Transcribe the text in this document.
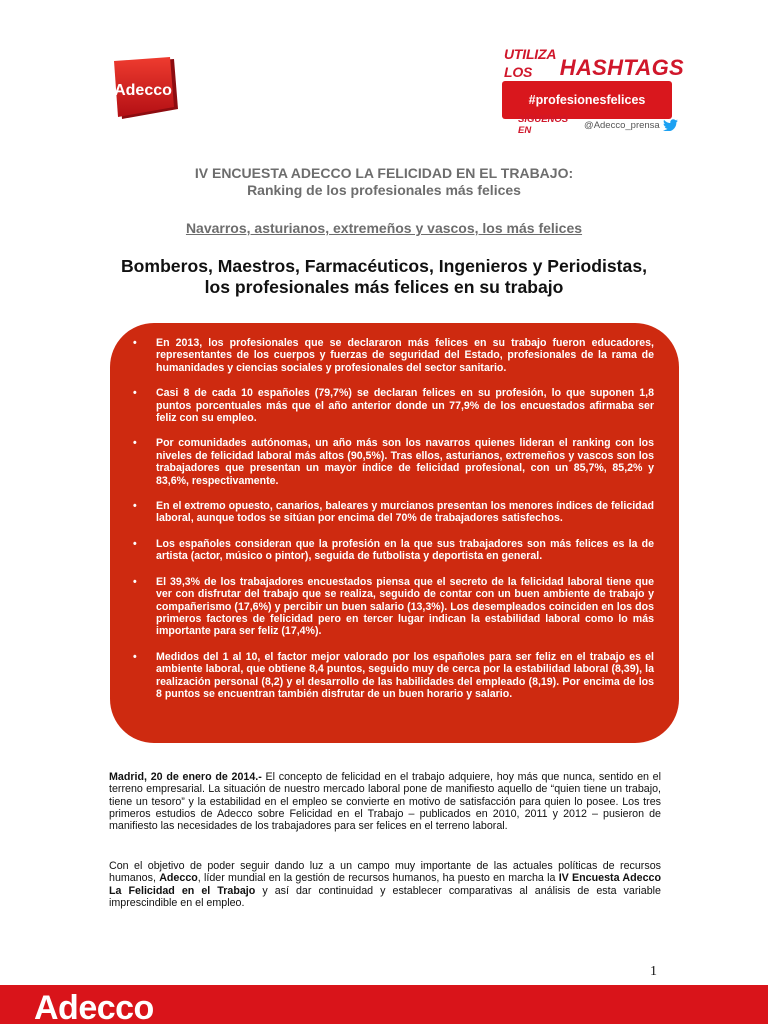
Adecco
UTILIZA LOS	HASHTAGS
#profesionesfelices
SÍGUENOS EN	@Adecco_prensa
IV ENCUESTA ADECCO LA FELICIDAD EN EL TRABAJO:
Ranking de los profesionales más felices
Navarros, asturianos, extremeños y vascos, los más felices
Bomberos, Maestros, Farmacéuticos, Ingenieros y Periodistas,
los profesionales más felices en su trabajo
• En 2013, los profesionales que se declararon más felices en su trabajo fueron educadores, representantes de los cuerpos y fuerzas de seguridad del Estado, profesionales de la rama de humanidades y ciencias sociales y profesionales del sector sanitario.
• Casi 8 de cada 10 españoles (79,7%) se declaran felices en su profesión, lo que suponen 1,8 puntos porcentuales más que el año anterior donde un 77,9% de los encuestados afirmaba ser feliz con su empleo.
• Por comunidades autónomas, un año más son los navarros quienes lideran el ranking con los niveles de felicidad laboral más altos (90,5%). Tras ellos, asturianos, extremeños y vascos son los trabajadores que presentan un mayor índice de felicidad profesional, con un 85,7%, 85,2% y 83,6%, respectivamente.
• En el extremo opuesto, canarios, baleares y murcianos presentan los menores índices de felicidad laboral, aunque todos se sitúan por encima del 70% de trabajadores satisfechos.
• Los españoles consideran que la profesión en la que sus trabajadores son más felices es la de artista (actor, músico o pintor), seguida de futbolista y deportista en general.
• El 39,3% de los trabajadores encuestados piensa que el secreto de la felicidad laboral tiene que ver con disfrutar del trabajo que se realiza, seguido de contar con un buen ambiente de trabajo y compañerismo (17,6%) y percibir un buen salario (13,3%). Los desempleados coinciden en los dos primeros factores de felicidad pero en tercer lugar indican la estabilidad laboral como lo más importante para ser feliz (17,4%).
• Medidos del 1 al 10, el factor mejor valorado por los españoles para ser feliz en el trabajo es el ambiente laboral, que obtiene 8,4 puntos, seguido muy de cerca por la estabilidad laboral (8,39), la realización personal (8,2) y el desarrollo de las habilidades del empleado (8,19). Por encima de los 8 puntos se encuentran también disfrutar de un buen horario y salario.
Madrid, 20 de enero de 2014.- El concepto de felicidad en el trabajo adquiere, hoy más que nunca, sentido en el terreno empresarial. La situación de nuestro mercado laboral pone de manifiesto aquello de “quien tiene un trabajo, tiene un tesoro” y la estabilidad en el empleo se convierte en motivo de satisfacción para quien lo posee. Los tres primeros estudios de Adecco sobre Felicidad en el Trabajo – publicados en 2010, 2011 y 2012 – pusieron de manifiesto las necesidades de los trabajadores para ser felices en el terreno laboral.
Con el objetivo de poder seguir dando luz a un campo muy importante de las actuales políticas de recursos humanos, Adecco, líder mundial en la gestión de recursos humanos, ha puesto en marcha la IV Encuesta Adecco La Felicidad en el Trabajo y así dar continuidad y establecer comparativas al análisis de esta variable imprescindible en el empleo.
1
Adecco
